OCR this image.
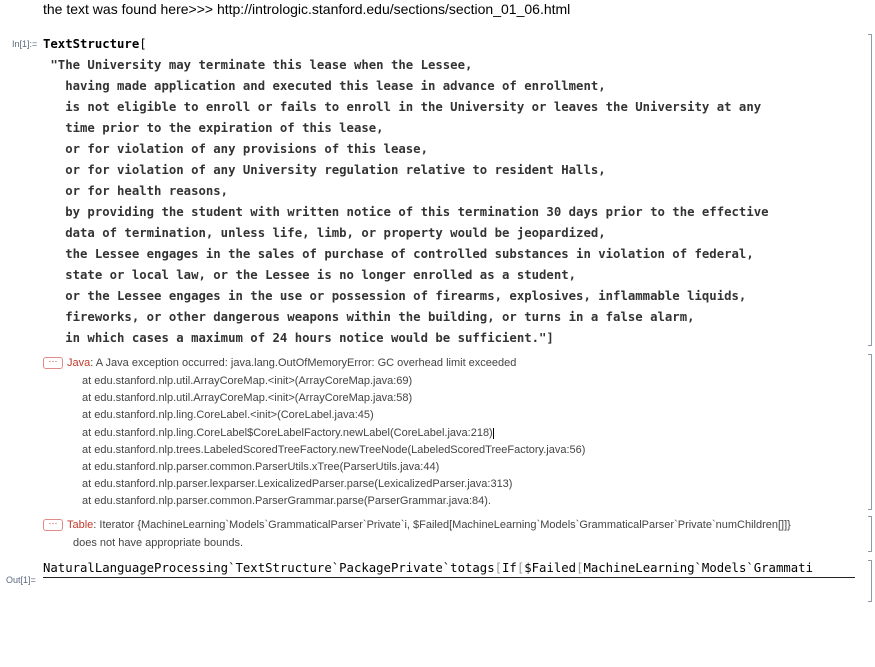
the text was found here>>> http://intrologic.stanford.edu/sections/section_01_06.html
In[1]:= TextStructure[
"The University may terminate this lease when the Lessee,
having made application and executed this lease in advance of enrollment,
is not eligible to enroll or fails to enroll in the University or leaves the University at any
time prior to the expiration of this lease,
or for violation of any provisions of this lease,
or for violation of any University regulation relative to resident Halls,
or for health reasons,
by providing the student with written notice of this termination 30 days prior to the effective
data of termination, unless life, limb, or property would be jeopardized,
the Lessee engages in the sales of purchase of controlled substances in violation of federal,
state or local law, or the Lessee is no longer enrolled as a student,
or the Lessee engages in the use or possession of firearms, explosives, inflammable liquids,
fireworks, or other dangerous weapons within the building, or turns in a false alarm,
in which cases a maximum of 24 hours notice would be sufficient."]
··· Java: A Java exception occurred: java.lang.OutOfMemoryError: GC overhead limit exceeded
at edu.stanford.nlp.util.ArrayCoreMap.<init>(ArrayCoreMap.java:69)
at edu.stanford.nlp.util.ArrayCoreMap.<init>(ArrayCoreMap.java:58)
at edu.stanford.nlp.ling.CoreLabel.<init>(CoreLabel.java:45)
at edu.stanford.nlp.ling.CoreLabel$CoreLabelFactory.newLabel(CoreLabel.java:218)
at edu.stanford.nlp.trees.LabeledScoredTreeFactory.newTreeNode(LabeledScoredTreeFactory.java:56)
at edu.stanford.nlp.parser.common.ParserUtils.xTree(ParserUtils.java:44)
at edu.stanford.nlp.parser.lexparser.LexicalizedParser.parse(LexicalizedParser.java:313)
at edu.stanford.nlp.parser.common.ParserGrammar.parse(ParserGrammar.java:84).
··· Table: Iterator {MachineLearning`Models`GrammaticalParser`Private`i, $Failed[MachineLearning`Models`GrammaticalParser`Private`numChildren[]]}
does not have appropriate bounds.
Out[1]=
NaturalLanguageProcessing`TextStructure`PackagePrivate`totags[If[$Failed[MachineLearning`Models`Grammati
